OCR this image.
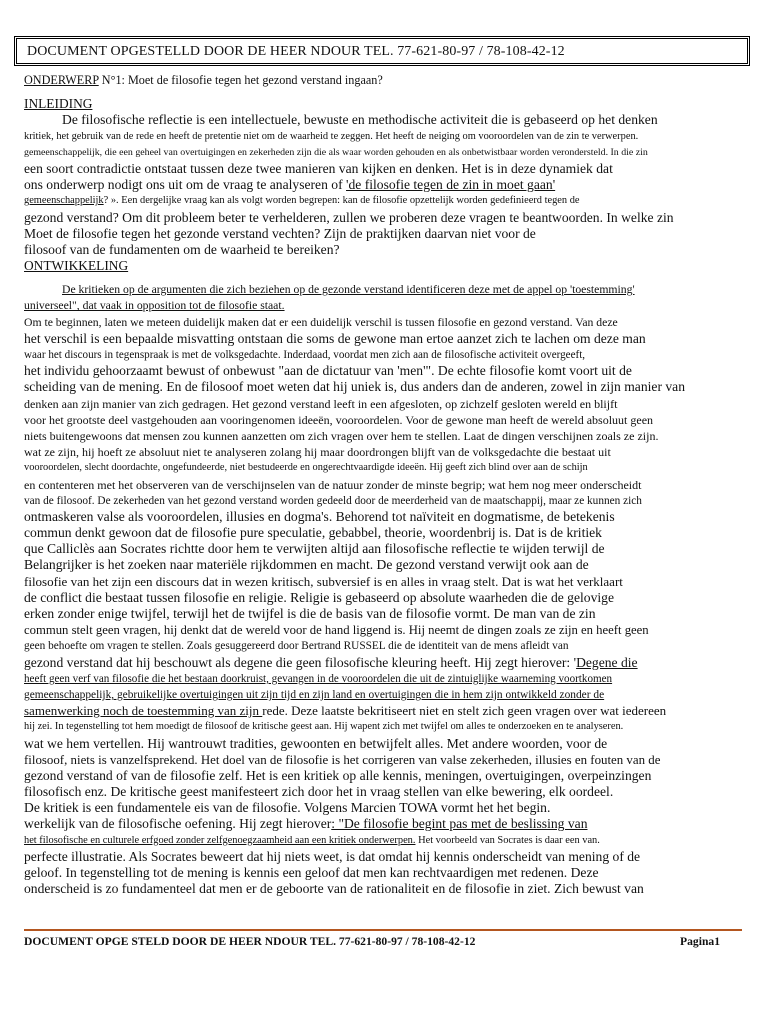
DOCUMENT OPGESTELLD DOOR DE HEER NDOUR TEL. 77-621-80-97 / 78-108-42-12
ONDERWERP N°1: Moet de filosofie tegen het gezond verstand ingaan?
INLEIDING
De filosofische reflectie is een intellectuele, bewuste en methodische activiteit die is gebaseerd op het denken
kritiek, het gebruik van de rede en heeft de pretentie niet om de waarheid te zeggen. Het heeft de neiging om vooroordelen van de zin te verwerpen.
gemeenschappelijk, die een geheel van overtuigingen en zekerheden zijn die als waar worden gehouden en als onbetwistbaar worden verondersteld. In die zin
een soort contradictie ontstaat tussen deze twee manieren van kijken en denken. Het is in deze dynamiek dat
ons onderwerp nodigt ons uit om de vraag te analyseren of 'de filosofie tegen de zin in moet gaan'
gemeenschappelijk? ». Een dergelijke vraag kan als volgt worden begrepen: kan de filosofie opzettelijk worden gedefinieerd tegen de
gezond verstand? Om dit probleem beter te verhelderen, zullen we proberen deze vragen te beantwoorden. In welke zin
Moet de filosofie tegen het gezonde verstand vechten? Zijn de praktijken daarvan niet voor de
filosoof van de fundamenten om de waarheid te bereiken?
ONTWIKKELING
De kritieken op de argumenten die zich beziehen op de gezonde verstand identificeren deze met de appel op 'toestemming'
universeel", dat vaak in opposition tot de filosofie staat.
Om te beginnen, laten we meteen duidelijk maken dat er een duidelijk verschil is tussen filosofie en gezond verstand. Van deze
het verschil is een bepaalde misvatting ontstaan die soms de gewone man ertoe aanzet zich te lachen om deze man
waar het discours in tegenspraak is met de volksgedachte. Inderdaad, voordat men zich aan de filosofische activiteit overgeeft,
het individu gehoorzaamt bewust of onbewust "aan de dictatuur van 'men'". De echte filosofie komt voort uit de
scheiding van de mening. En de filosoof moet weten dat hij uniek is, dus anders dan de anderen, zowel in zijn manier van
denken aan zijn manier van zich gedragen. Het gezond verstand leeft in een afgesloten, op zichzelf gesloten wereld en blijft
voor het grootste deel vastgehouden aan vooringenomen ideeën, vooroordelen. Voor de gewone man heeft de wereld absoluut geen
niets buitengewoons dat mensen zou kunnen aanzetten om zich vragen over hem te stellen. Laat de dingen verschijnen zoals ze zijn.
wat ze zijn, hij hoeft ze absoluut niet te analyseren zolang hij maar doordrongen blijft van de volksgedachte die bestaat uit
vooroordelen, slecht doordachte, ongefundeerde, niet bestudeerde en ongerechtvaardigde ideeën. Hij geeft zich blind over aan de schijn
en contenteren met het observeren van de verschijnselen van de natuur zonder de minste begrip; wat hem nog meer onderscheidt
van de filosoof. De zekerheden van het gezond verstand worden gedeeld door de meerderheid van de maatschappij, maar ze kunnen zich
ontmaskeren valse als vooroordelen, illusies en dogma's. Behorend tot naïviteit en dogmatisme, de betekenis
commun denkt gewoon dat de filosofie pure speculatie, gebabbel, theorie, woordenbrij is. Dat is de kritiek
que Calliclès aan Socrates richtte door hem te verwijten altijd aan filosofische reflectie te wijden terwijl de
Belangrijker is het zoeken naar materiële rijkdommen en macht. De gezond verstand verwijt ook aan de
filosofie van het zijn een discours dat in wezen kritisch, subversief is en alles in vraag stelt. Dat is wat het verklaart
de conflict die bestaat tussen filosofie en religie. Religie is gebaseerd op absolute waarheden die de gelovige
erken zonder enige twijfel, terwijl het de twijfel is die de basis van de filosofie vormt. De man van de zin
commun stelt geen vragen, hij denkt dat de wereld voor de hand liggend is. Hij neemt de dingen zoals ze zijn en heeft geen
geen behoefte om vragen te stellen. Zoals gesuggereerd door Bertrand RUSSEL die de identiteit van de mens afleidt van
gezond verstand dat hij beschouwt als degene die geen filosofische kleuring heeft. Hij zegt hierover: 'Degene die
heeft geen verf van filosofie die het bestaan doorkruist, gevangen in de vooroordelen die uit de zintuiglijke waarneming voortkomen
gemeenschappelijk, gebruikelijke overtuigingen uit zijn tijd en zijn land en overtuigingen die in hem zijn ontwikkeld zonder de
samenwerking noch de toestemming van zijn rede. Deze laatste bekritiseert niet en stelt zich geen vragen over wat iedereen
hij zei. In tegenstelling tot hem moedigt de filosoof de kritische geest aan. Hij wapent zich met twijfel om alles te onderzoeken en te analyseren.
wat we hem vertellen. Hij wantrouwt tradities, gewoonten en betwijfelt alles. Met andere woorden, voor de
filosoof, niets is vanzelfsprekend. Het doel van de filosofie is het corrigeren van valse zekerheden, illusies en fouten van de
gezond verstand of van de filosofie zelf. Het is een kritiek op alle kennis, meningen, overtuigingen, overpeinzingen
filosofisch enz. De kritische geest manifesteert zich door het in vraag stellen van elke bewering, elk oordeel.
De kritiek is een fundamentele eis van de filosofie. Volgens Marcien TOWA vormt het het begin.
werkelijk van de filosofische oefening. Hij zegt hierover: "De filosofie begint pas met de beslissing van
het filosofische en culturele erfgoed zonder zelfgenoegzaamheid aan een kritiek onderwerpen. Het voorbeeld van Socrates is daar een van.
perfecte illustratie. Als Socrates beweert dat hij niets weet, is dat omdat hij kennis onderscheidt van mening of de
geloof. In tegenstelling tot de mening is kennis een geloof dat men kan rechtvaardigen met redenen. Deze
onderscheid is zo fundamenteel dat men er de geboorte van de rationaliteit en de filosofie in ziet. Zich bewust van
DOCUMENT OPGE STELD DOOR DE HEER NDOUR TEL. 77-621-80-97 / 78-108-42-12	Pagina1
